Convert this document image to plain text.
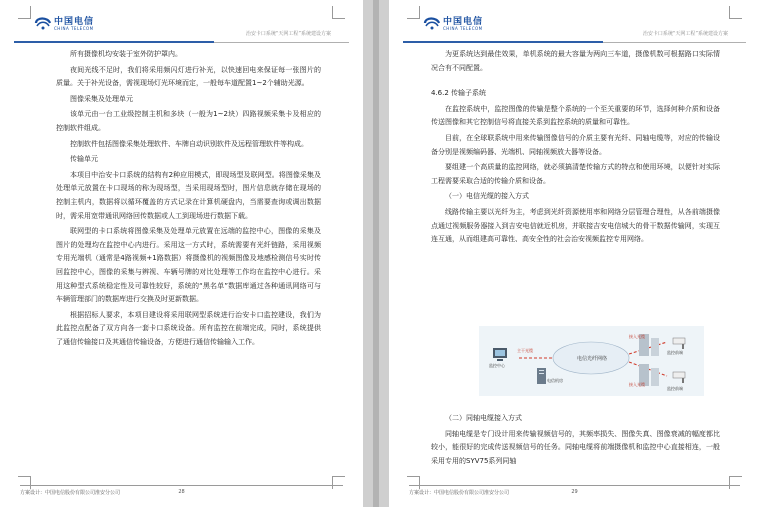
中国电信
CHINA TELECOM
治安卡口系统“天网工程”系统建设方案

所有摄像机均安装于室外防护罩内。

夜间光线不足时，我们将采用频闪灯进行补光，以快速回电来保证每一张图片的质量。关于补光设备，需视现场灯光环境而定，一般每车道配置1~2个辅助光源。

图像采集及处理单元

该单元由一台工业级控制主机和多块（一般为1~2块）四路视频采集卡及相应的控制软件组成。

控制软件包括图像采集处理软件、车牌自动识别软件及远程管理软件等构成。

传输单元

本项目中治安卡口系统的结构有2种应用模式，即现场型及联网型。将图像采集及处理单元放置在卡口现场的称为现场型，当采用现场型时，图片信息就存储在现场的控制主机内，数据将以循环覆盖的方式记录在计算机硬盘内，当需要查询或调出数据时，需采用宽带通讯网络回传数据或人工到现场进行数据下载。

联网型的卡口系统将图像采集及处理单元放置在远端的监控中心，图像的采集及图片的处理均在监控中心内进行。采用这一方式时，系统需要有光纤链路，采用视频专用光端机（通常是4路视频+1路数据）将摄像机的视频图像及地感检测信号实时传回监控中心，图像的采集与辨视、车辆号牌的对比处理等工作均在监控中心进行。采用这种型式系统稳定性及可靠性较好，系统的“黑名单”数据库通过各种通讯网络可与车辆管理部门的数据库进行交换及时更新数据。

根据招标人要求，本项目建设将采用联网型系统进行治安卡口监控建设，我们为此监控点配备了双方向各一套卡口系统设备。所有监控在前端完成，同时，系统提供了通信传输接口及其通信传输设备，方便进行通信传输输入工作。

方案设计：中国电信股份有限公司淮安分公司	28
中国电信
CHINA TELECOM
治安卡口系统“天网工程”系统建设方案

为更系统达到最佳效果，单机系统的最大容量为两向三车道，摄像机数可根据路口实际情况合有不同配置。

4.6.2 传输子系统

在监控系统中，监控图像的传输是整个系统的一个至关重要的环节，选择何种介质和设备传送图像和其它控制信号将直接关系到监控系统的质量和可靠性。

目前，在全球联系统中用来传输图像信号的介质主要有光纤、同轴电缆等，对应的传输设备分别是视频编码器、光端机、同轴视频放大器等设备。

要组建一个高质量的监控网络，就必须搞清楚传输方式的特点和使用环境，以便针对实际工程需要采取合适的传输介质和设备。

（一）电信光缆的接入方式

线路传输主要以光纤为主，考虑到光纤资源使用率和网络分层管理合理性，从各前端摄像点通过视频服务器接入到吉安电信就近机房，并联接吉安电信城大的骨干数据传输网，实现互连互通，从而组建高可靠性、高安全性的社会治安视频监控专用网络。

电信光纤网络
主干光缆
监控中心
电信机房
接入光缆
接入光缆
监控前端
监控前端

（二）同轴电缆接入方式

同轴电缆是专门设计用来传输视频信号的，其频率损失、图像失真、图像衰减的幅度都比较小，能很好的完成传送视频信号的任务。同轴电缆将前端摄像机和监控中心直接相连，一般采用专用的SYV75系列同轴

方案设计：中国电信股份有限公司淮安分公司	29
